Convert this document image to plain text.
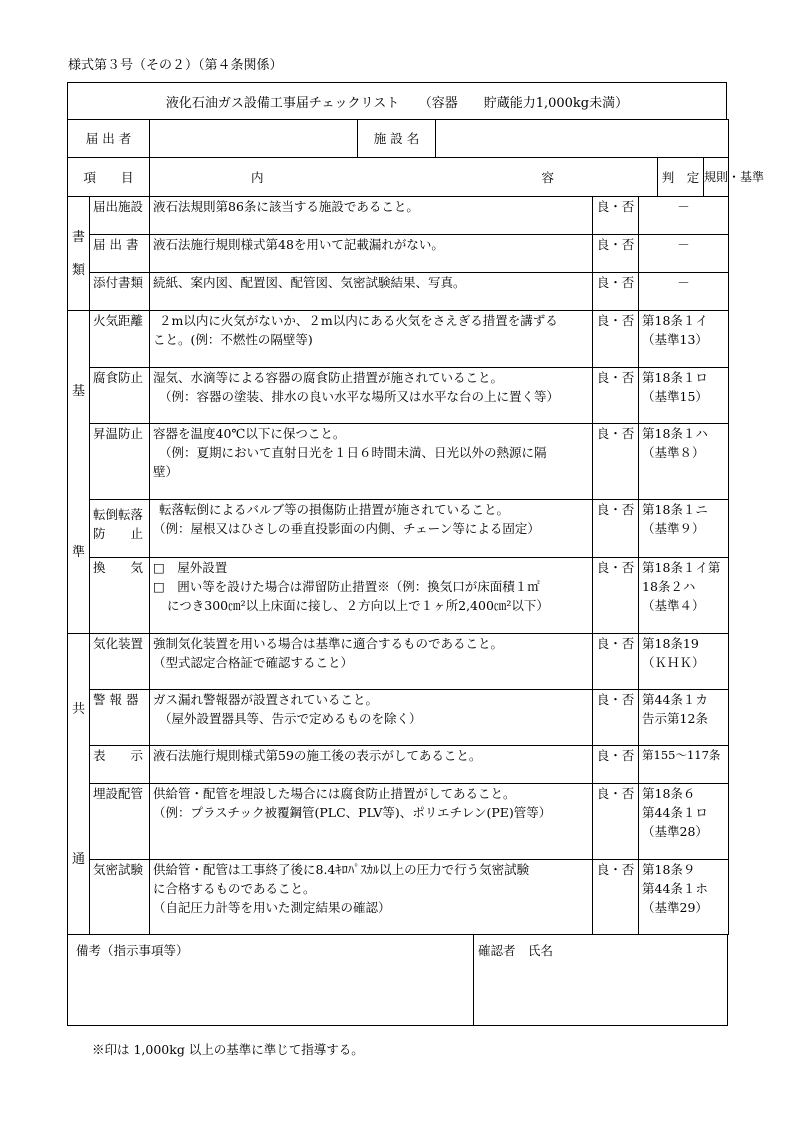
様式第３号（その２）（第４条関係）
液化石油ガス設備工事届チェックリスト　　（容器　　貯蔵能力1,000kg未満）
届 出 者		施 設 名			
項　　目	内 容			判　定	規則・基準
書
類	届出施設	液石法規則第86条に該当する施設であること。	良・否	－

	届 出 書	液石法施行規則様式第48を用いて記載漏れがない。	良・否	－

	添付書類	続紙、案内図、配置図、配管図、気密試験結果、写真。	良・否	－

基
準	火気距離	２m以内に火気がないか、２m以内にある火気をさえぎる措置を講ずる
こと。(例：不燃性の隔壁等)	良・否	第18条１イ
（基準13）

	腐食防止	湿気、水滴等による容器の腐食防止措置が施されていること。
（例：容器の塗装、排水の良い水平な場所又は水平な台の上に置く等）	良・否	第18条１ロ
（基準15）

	昇温防止	容器を温度40℃以下に保つこと。
（例：夏期において直射日光を１日６時間未満、日光以外の熱源に隔
壁）	良・否	第18条１ハ
（基準８）

	転倒転落
防　　止	転落転倒によるバルブ等の損傷防止措置が施されていること。
（例：屋根又はひさしの垂直投影面の内側、チェーン等による固定）	良・否	第18条１ニ
（基準９）

	換　　気	□　屋外設置
□　囲い等を設けた場合は滞留防止措置※（例：換気口が床面積１㎡
につき300㎝²以上床面に接し、２方向以上で１ヶ所2,400㎝²以下）	良・否	第18条１イ第
18条２ハ
（基準４）

共
通	気化装置	強制気化装置を用いる場合は基準に適合するものであること。
（型式認定合格証で確認すること）	良・否	第18条19
（ＫＨＫ）

	警 報 器	ガス漏れ警報器が設置されていること。
（屋外設置器具等、告示で定めるものを除く）	良・否	第44条１カ
告示第12条

	表　　示	液石法施行規則様式第59の施工後の表示がしてあること。	良・否	第155～117条

	埋設配管	供給管・配管を埋設した場合には腐食防止措置がしてあること。
（例：プラスチック被覆鋼管(PLC、PLV等)、ポリエチレン(PE)管等）	良・否	第18条６
第44条１ロ
（基準28）

	気密試験	供給管・配管は工事終了後に8.4ｷﾛﾊﾟｽｶﾙ以上の圧力で行う気密試験
に合格するものであること。
（自記圧力計等を用いた測定結果の確認）	良・否	第18条９
第44条１ホ
（基準29）
備考（指示事項等）	確認者　氏名
※印は 1,000kg 以上の基準に準じて指導する。
